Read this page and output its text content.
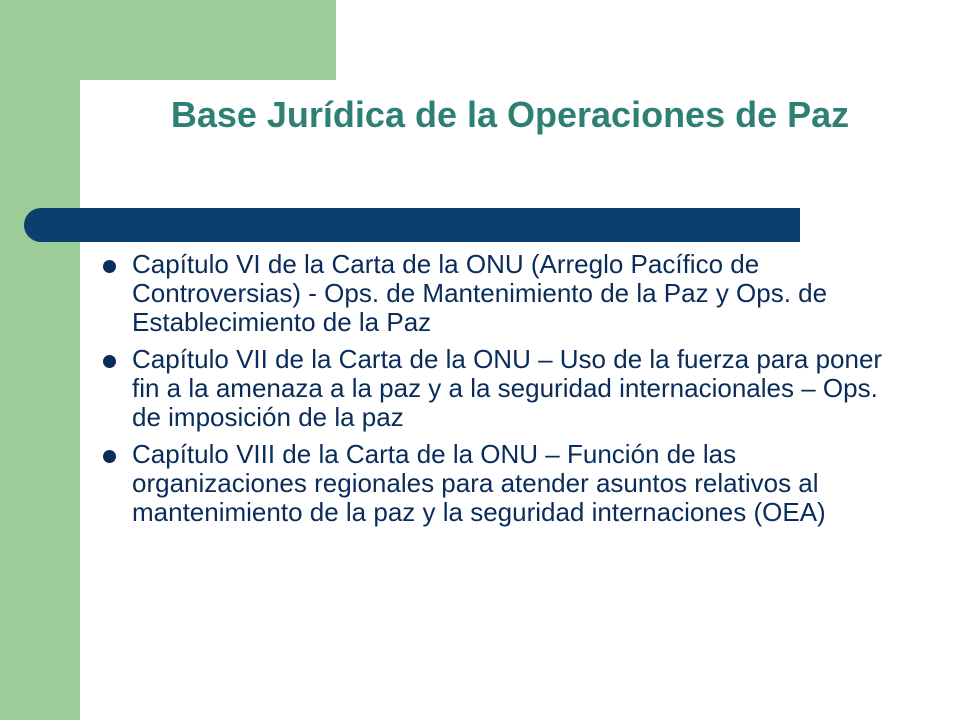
Base Jurídica de la Operaciones de Paz
Capítulo VI de la Carta de la ONU (Arreglo Pacífico de Controversias) - Ops. de Mantenimiento de la Paz y Ops. de Establecimiento de la Paz
Capítulo VII de la Carta de la ONU – Uso de la fuerza para poner fin a la amenaza a la paz y a la seguridad internacionales – Ops. de imposición de la paz
Capítulo VIII de la Carta de la ONU – Función de las organizaciones regionales para atender asuntos relativos al mantenimiento de la paz y la seguridad internaciones (OEA)
